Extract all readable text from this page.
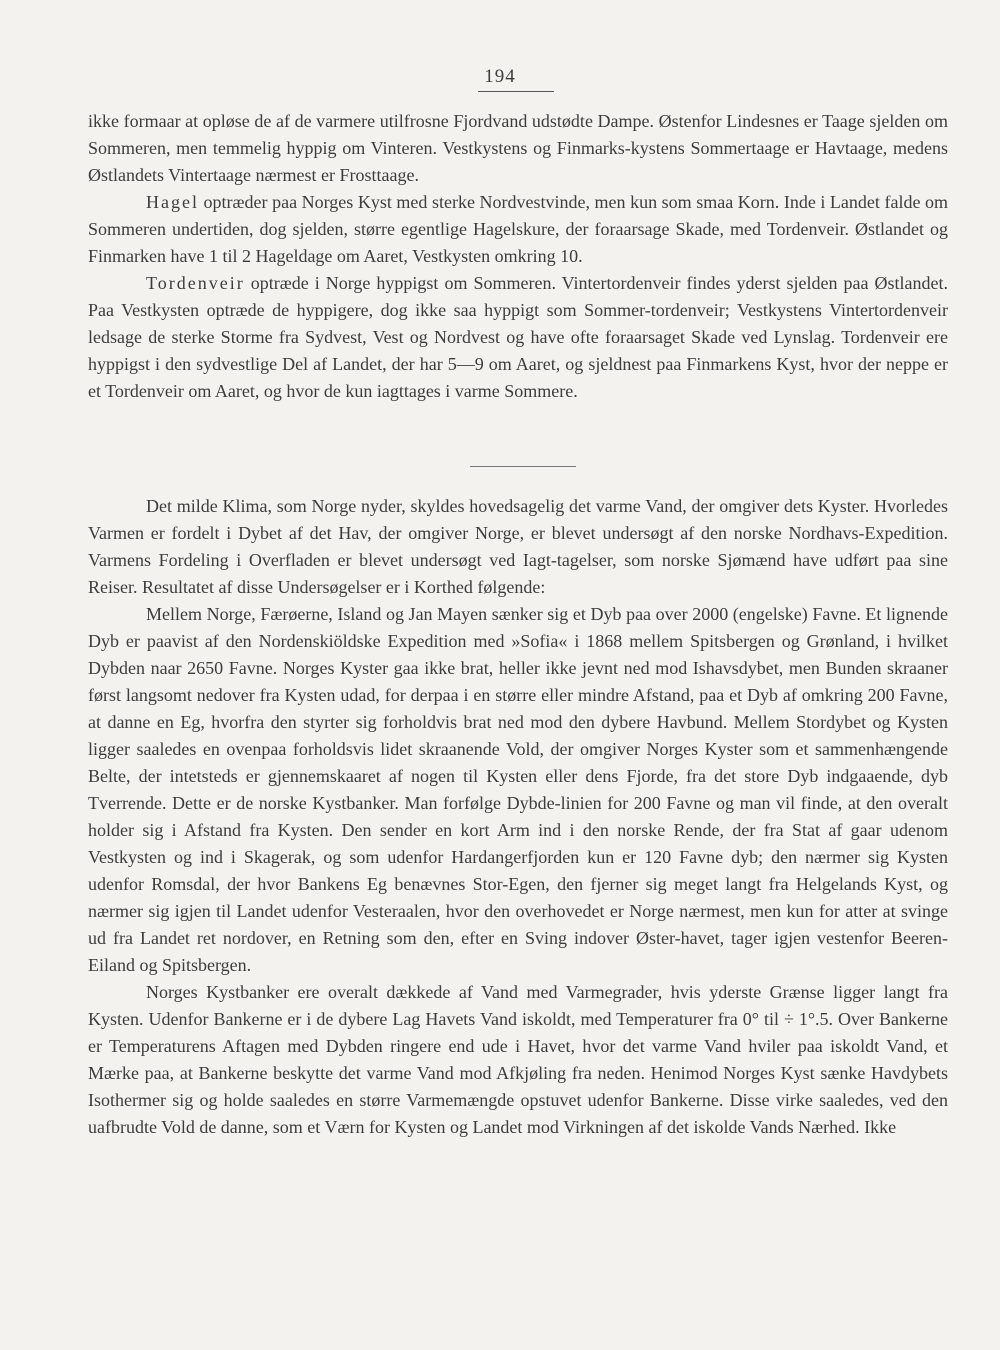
194

ikke formaar at opløse de af de varmere utilfrosne Fjordvand udstødte Dampe. Østenfor Lindesnes er Taage sjelden om Sommeren, men temmelig hyppig om Vinteren. Vestkystens og Finmarks-kystens Sommertaage er Havtaage, medens Østlandets Vintertaage nærmest er Frosttaage.

Hagel optræder paa Norges Kyst med sterke Nordvestvinde, men kun som smaa Korn. Inde i Landet falde om Sommeren undertiden, dog sjelden, større egentlige Hagelskure, der foraarsage Skade, med Tordenveir. Østlandet og Finmarken have 1 til 2 Hageldage om Aaret, Vestkysten omkring 10.

Tordenveir optræde i Norge hyppigst om Sommeren. Vintertordenveir findes yderst sjelden paa Østlandet. Paa Vestkysten optræde de hyppigere, dog ikke saa hyppigt som Sommer-tordenveir; Vestkystens Vintertordenveir ledsage de sterke Storme fra Sydvest, Vest og Nordvest og have ofte foraarsaget Skade ved Lynslag. Tordenveir ere hyppigst i den sydvestlige Del af Landet, der har 5—9 om Aaret, og sjeldnest paa Finmarkens Kyst, hvor der neppe er et Tordenveir om Aaret, og hvor de kun iagttages i varme Sommere.

Det milde Klima, som Norge nyder, skyldes hovedsagelig det varme Vand, der omgiver dets Kyster. Hvorledes Varmen er fordelt i Dybet af det Hav, der omgiver Norge, er blevet undersøgt af den norske Nordhavs-Expedition. Varmens Fordeling i Overfladen er blevet undersøgt ved Iagt-tagelser, som norske Sjømænd have udført paa sine Reiser. Resultatet af disse Undersøgelser er i Korthed følgende:

Mellem Norge, Færøerne, Island og Jan Mayen sænker sig et Dyb paa over 2000 (engelske) Favne. Et lignende Dyb er paavist af den Nordenskiöldske Expedition med »Sofia« i 1868 mellem Spitsbergen og Grønland, i hvilket Dybden naar 2650 Favne. Norges Kyster gaa ikke brat, heller ikke jevnt ned mod Ishavsdybet, men Bunden skraaner først langsomt nedover fra Kysten udad, for derpaa i en større eller mindre Afstand, paa et Dyb af omkring 200 Favne, at danne en Eg, hvorfra den styrter sig forholdvis brat ned mod den dybere Havbund. Mellem Stordybet og Kysten ligger saaledes en ovenpaa forholdsvis lidet skraanende Vold, der omgiver Norges Kyster som et sammenhængende Belte, der intetsteds er gjennemskaaret af nogen til Kysten eller dens Fjorde, fra det store Dyb indgaaende, dyb Tverrende. Dette er de norske Kystbanker. Man forfølge Dybde-linien for 200 Favne og man vil finde, at den overalt holder sig i Afstand fra Kysten. Den sender en kort Arm ind i den norske Rende, der fra Stat af gaar udenom Vestkysten og ind i Skagerak, og som udenfor Hardangerfjorden kun er 120 Favne dyb; den nærmer sig Kysten udenfor Romsdal, der hvor Bankens Eg benævnes Stor-Egen, den fjerner sig meget langt fra Helgelands Kyst, og nærmer sig igjen til Landet udenfor Vesteraalen, hvor den overhovedet er Norge nærmest, men kun for atter at svinge ud fra Landet ret nordover, en Retning som den, efter en Sving indover Øster-havet, tager igjen vestenfor Beeren-Eiland og Spitsbergen.

Norges Kystbanker ere overalt dækkede af Vand med Varmegrader, hvis yderste Grænse ligger langt fra Kysten. Udenfor Bankerne er i de dybere Lag Havets Vand iskoldt, med Temperaturer fra 0° til ÷ 1°.5. Over Bankerne er Temperaturens Aftagen med Dybden ringere end ude i Havet, hvor det varme Vand hviler paa iskoldt Vand, et Mærke paa, at Bankerne beskytte det varme Vand mod Afkjøling fra neden. Henimod Norges Kyst sænke Havdybets Isothermer sig og holde saaledes en større Varmemængde opstuvet udenfor Bankerne. Disse virke saaledes, ved den uafbrudte Vold de danne, som et Værn for Kysten og Landet mod Virkningen af det iskolde Vands Nærhed. Ikke
